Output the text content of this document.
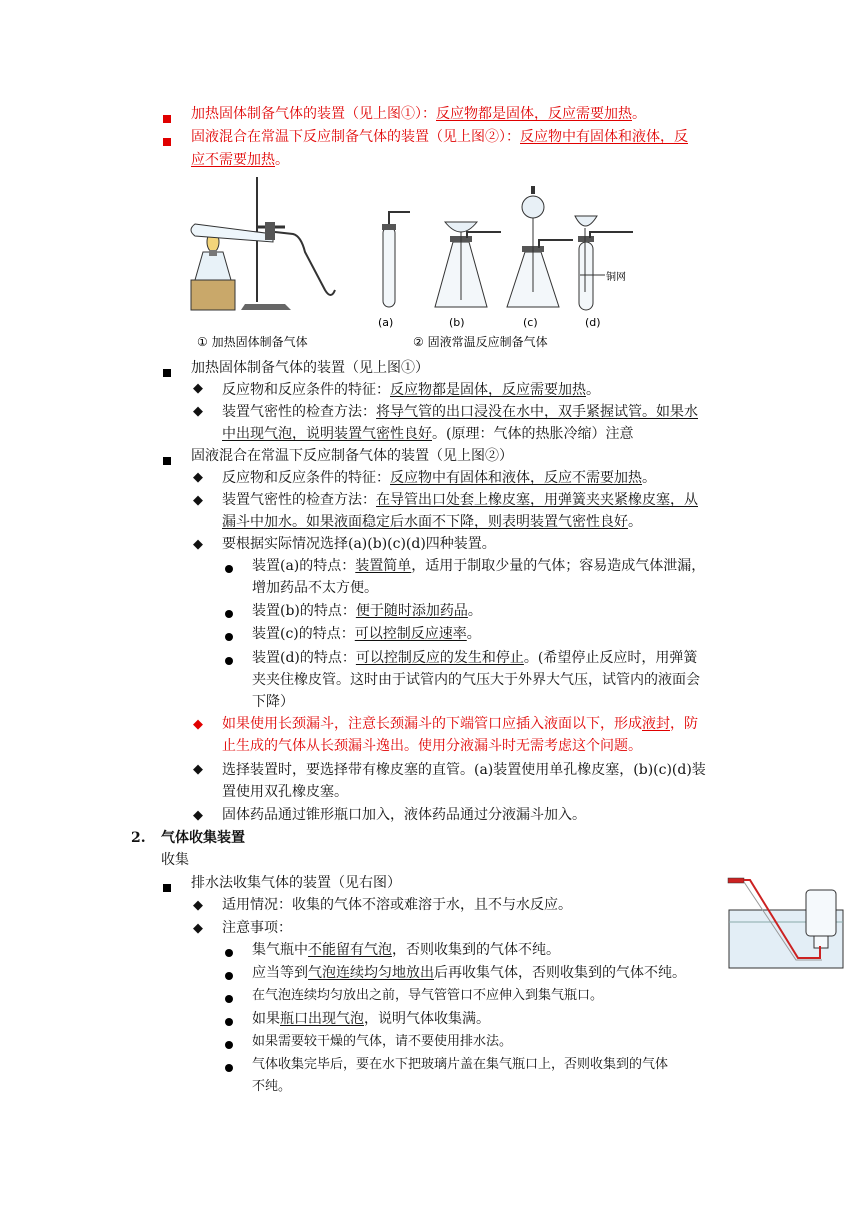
加热固体制备气体的装置（见上图①）：反应物都是固体，反应需要加热。
固液混合在常温下反应制备气体的装置（见上图②）：反应物中有固体和液体，反
应不需要加热。
铜网
(a)	(b)	(c)	(d)
① 加热固体制备气体	② 固液常温反应制备气体
加热固体制备气体的装置（见上图①）
◆ 反应物和反应条件的特征：反应物都是固体，反应需要加热。
◆ 装置气密性的检查方法：将导气管的出口浸没在水中，双手紧握试管。如果水
中出现气泡，说明装置气密性良好。(原理：气体的热胀冷缩）注意
固液混合在常温下反应制备气体的装置（见上图②）
◆ 反应物和反应条件的特征：反应物中有固体和液体，反应不需要加热。
◆ 装置气密性的检查方法：在导管出口处套上橡皮塞，用弹簧夹夹紧橡皮塞，从
漏斗中加水。如果液面稳定后水面不下降，则表明装置气密性良好。
◆ 要根据实际情况选择(a)(b)(c)(d)四种装置。
装置(a)的特点：装置简单，适用于制取少量的气体；容易造成气体泄漏，
增加药品不太方便。
装置(b)的特点：便于随时添加药品。
装置(c)的特点：可以控制反应速率。
装置(d)的特点：可以控制反应的发生和停止。(希望停止反应时，用弹簧
夹夹住橡皮管。这时由于试管内的气压大于外界大气压，试管内的液面会
下降）
◆ 如果使用长颈漏斗，注意长颈漏斗的下端管口应插入液面以下，形成液封，防
止生成的气体从长颈漏斗逸出。使用分液漏斗时无需考虑这个问题。
◆ 选择装置时，要选择带有橡皮塞的直管。(a)装置使用单孔橡皮塞，(b)(c)(d)装
置使用双孔橡皮塞。
◆ 固体药品通过锥形瓶口加入，液体药品通过分液漏斗加入。
2. 气体收集装置
收集
排水法收集气体的装置（见右图）
◆ 适用情况：收集的气体不溶或难溶于水，且不与水反应。
◆ 注意事项：
集气瓶中不能留有气泡，否则收集到的气体不纯。
应当等到气泡连续均匀地放出后再收集气体，否则收集到的气体不纯。
在气泡连续均匀放出之前，导气管管口不应伸入到集气瓶口。
如果瓶口出现气泡，说明气体收集满。
如果需要较干燥的气体，请不要使用排水法。
气体收集完毕后，要在水下把玻璃片盖在集气瓶口上，否则收集到的气体
不纯。
